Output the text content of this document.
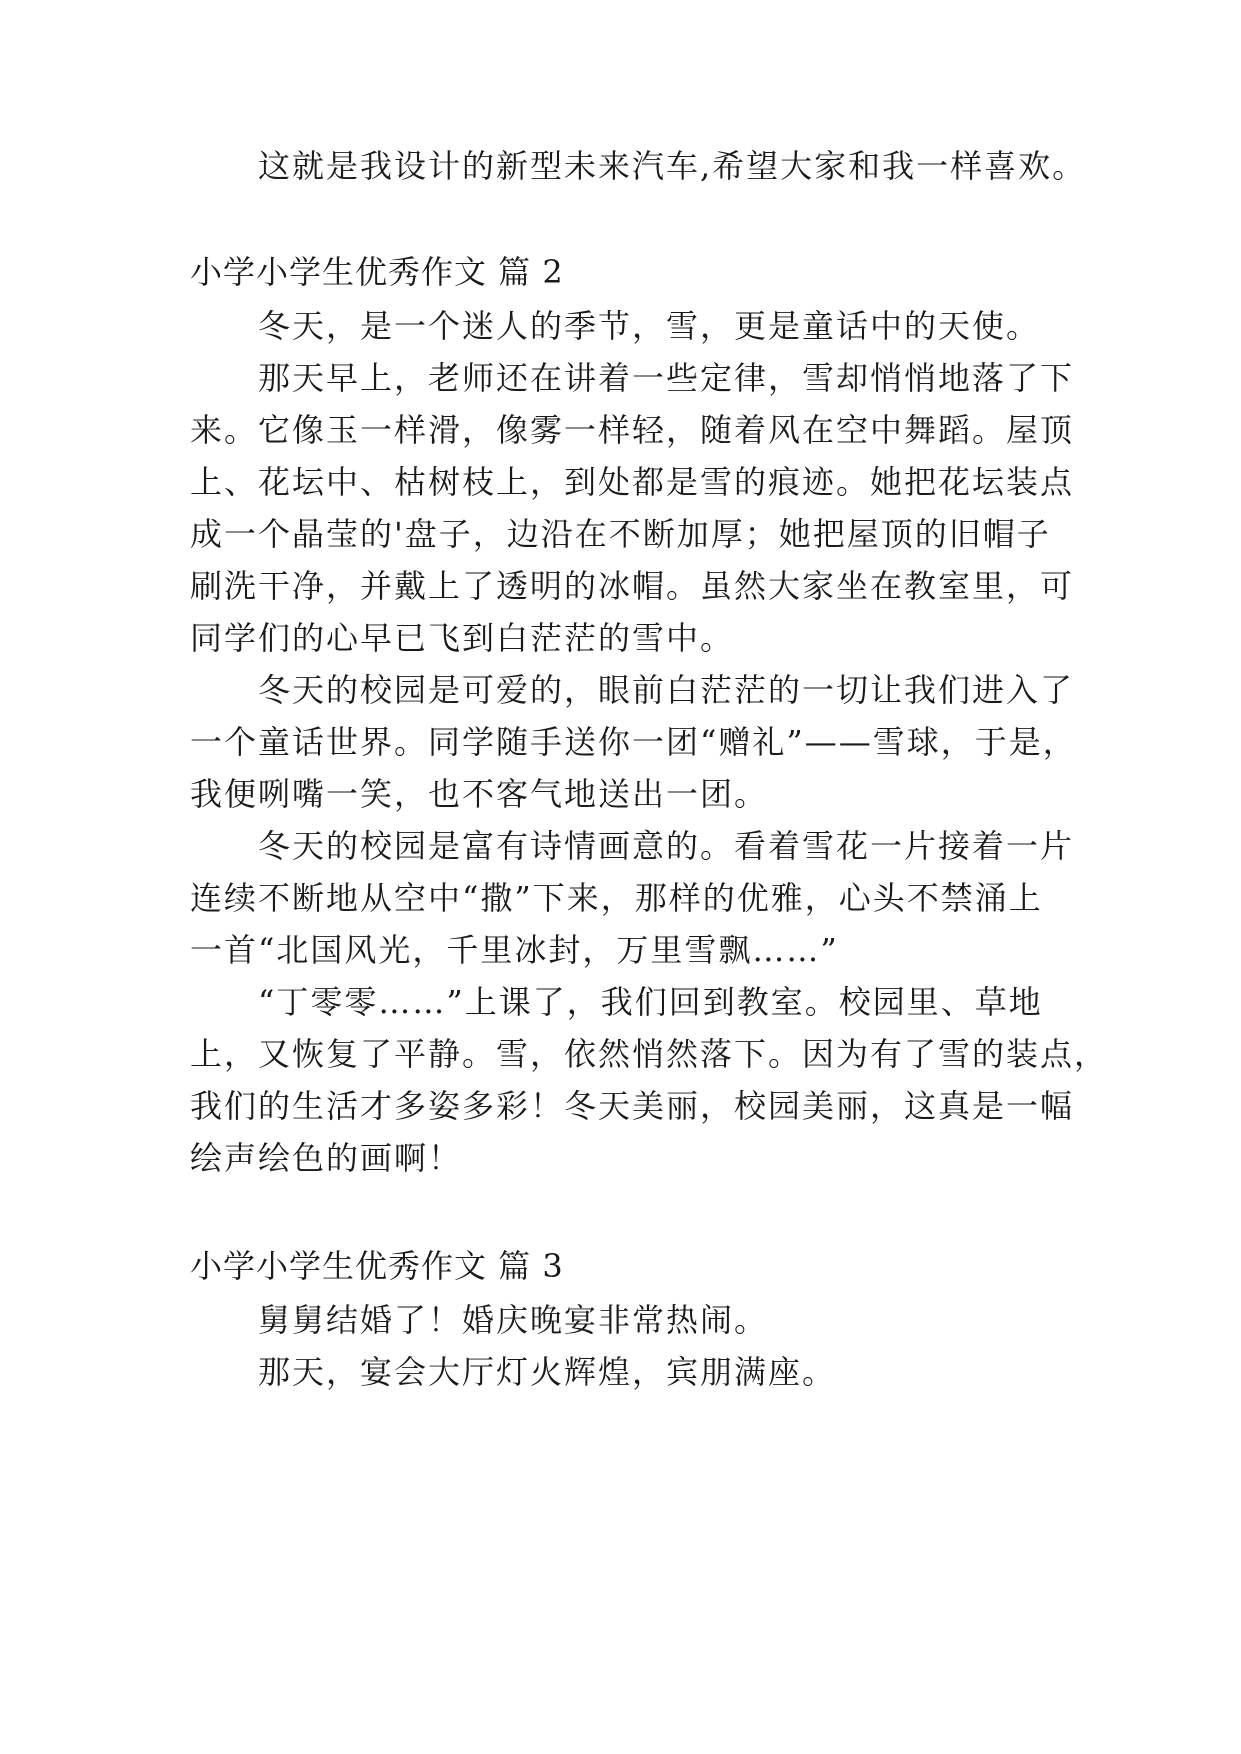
这就是我设计的新型未来汽车,希望大家和我一样喜欢。
小学小学生优秀作文 篇 2
冬天，是一个迷人的季节，雪，更是童话中的天使。
那天早上，老师还在讲着一些定律，雪却悄悄地落了下
来。它像玉一样滑，像雾一样轻，随着风在空中舞蹈。屋顶
上、花坛中、枯树枝上，到处都是雪的痕迹。她把花坛装点
成一个晶莹的'盘子，边沿在不断加厚；她把屋顶的旧帽子
刷洗干净，并戴上了透明的冰帽。虽然大家坐在教室里，可
同学们的心早已飞到白茫茫的雪中。
冬天的校园是可爱的，眼前白茫茫的一切让我们进入了
一个童话世界。同学随手送你一团“赠礼”——雪球，于是，
我便咧嘴一笑，也不客气地送出一团。
冬天的校园是富有诗情画意的。看着雪花一片接着一片
连续不断地从空中“撒”下来，那样的优雅，心头不禁涌上
一首“北国风光，千里冰封，万里雪飘……”
“丁零零……”上课了，我们回到教室。校园里、草地
上，又恢复了平静。雪，依然悄然落下。因为有了雪的装点，
我们的生活才多姿多彩！冬天美丽，校园美丽，这真是一幅
绘声绘色的画啊！
小学小学生优秀作文 篇 3
舅舅结婚了！婚庆晚宴非常热闹。
那天，宴会大厅灯火辉煌，宾朋满座。
